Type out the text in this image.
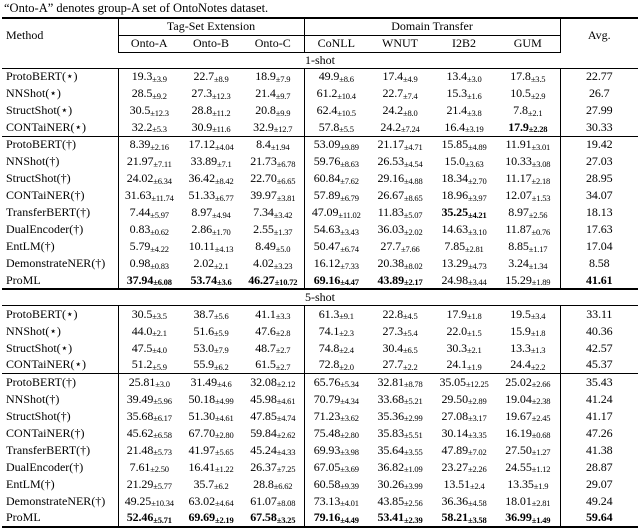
“Onto-A” denotes group-A set of OntoNotes dataset.
Method	Tag-Set Extension			Domain Transfer				Avg.
	Onto-A	Onto-B	Onto-C	CoNLL	WNUT	I2B2	GUM	
1-shot								
ProtoBERT(⋆)	19.3±3.9	22.7±8.9	18.9±7.9	49.9±8.6	17.4±4.9	13.4±3.0	17.8±3.5	22.77
NNShot(⋆)	28.5±9.2	27.3±12.3	21.4±9.7	61.2±10.4	22.7±7.4	15.3±1.6	10.5±2.9	26.7
StructShot(⋆)	30.5±12.3	28.8±11.2	20.8±9.9	62.4±10.5	24.2±8.0	21.4±3.8	7.8±2.1	27.99
CONTaiNER(⋆)	32.2±5.3	30.9±11.6	32.9±12.7	57.8±5.5	24.2±7.24	16.4±3.19	17.9±2.28	30.33
ProtoBERT(†)	8.39±2.16	17.12±4.04	8.4±1.94	53.09±9.89	21.17±4.71	15.85±4.89	11.91±3.01	19.42
NNShot(†)	21.97±7.11	33.89±7.1	21.73±6.78	59.76±8.63	26.53±4.54	15.0±3.63	10.33±3.08	27.03
StructShot(†)	24.02±6.34	36.42±8.42	22.70±6.65	60.84±7.62	29.16±4.88	18.34±2.70	11.17±2.18	28.95
CONTaiNER(†)	31.63±11.74	51.33±6.77	39.97±3.81	57.89±6.79	26.67±8.65	18.96±3.97	12.07±1.53	34.07
TransferBERT(†)	7.44±5.97	8.97±4.94	7.34±3.42	47.09±11.02	11.83±5.07	35.25±4.21	8.97±2.56	18.13
DualEncoder(†)	0.83±0.62	2.86±1.70	2.55±1.37	54.63±3.43	36.03±2.02	14.63±3.10	11.87±0.76	17.63
EntLM(†)	5.79±4.22	10.11±4.13	8.49±5.0	50.47±6.74	27.7±7.66	7.85±2.81	8.85±1.17	17.04
DemonstrateNER(†)	0.98±0.83	2.02±2.1	4.02±3.23	16.12±7.33	20.38±8.02	13.29±4.73	3.24±1.34	8.58
ProML	37.94±6.08	53.74±3.6	46.27±10.72	69.16±4.47	43.89±2.17	24.98±3.44	15.29±1.89	41.61
5-shot								
ProtoBERT(⋆)	30.5±3.5	38.7±5.6	41.1±3.3	61.3±9.1	22.8±4.5	17.9±1.8	19.5±3.4	33.11
NNShot(⋆)	44.0±2.1	51.6±5.9	47.6±2.8	74.1±2.3	27.3±5.4	22.0±1.5	15.9±1.8	40.36
StructShot(⋆)	47.5±4.0	53.0±7.9	48.7±2.7	74.8±2.4	30.4±6.5	30.3±2.1	13.3±1.3	42.57
CONTaiNER(⋆)	51.2±5.9	55.9±6.2	61.5±2.7	72.8±2.0	27.7±2.2	24.1±1.9	24.4±2.2	45.37
ProtoBERT(†)	25.81±3.0	31.49±4.6	32.08±2.12	65.76±5.34	32.81±8.78	35.05±12.25	25.02±2.66	35.43
NNShot(†)	39.49±5.96	50.18±4.99	45.98±4.61	70.79±4.34	33.68±5.21	29.50±2.89	19.04±2.38	41.24
StructShot(†)	35.68±6.17	51.30±4.61	47.85±4.74	71.23±3.62	35.36±2.99	27.08±3.17	19.67±2.45	41.17
CONTaiNER(†)	45.62±6.58	67.70±2.80	59.84±2.62	75.48±2.80	35.83±5.51	30.14±3.35	16.19±0.68	47.26
TransferBERT(†)	21.48±5.73	41.97±5.65	45.24±4.33	69.93±3.98	35.64±3.55	47.89±7.02	27.50±1.27	41.38
DualEncoder(†)	7.61±2.50	16.41±1.22	26.37±7.25	67.05±3.69	36.82±1.09	23.27±2.26	24.55±1.12	28.87
EntLM(†)	21.29±5.77	35.7±6.2	28.8±6.62	60.58±9.39	30.26±3.99	13.51±2.4	13.35±1.9	29.07
DemonstrateNER(†)	49.25±10.34	63.02±4.64	61.07±8.08	73.13±4.01	43.85±2.56	36.36±4.58	18.01±2.81	49.24
ProML	52.46±5.71	69.69±2.19	67.58±3.25	79.16±4.49	53.41±2.39	58.21±3.58	36.99±1.49	59.64
